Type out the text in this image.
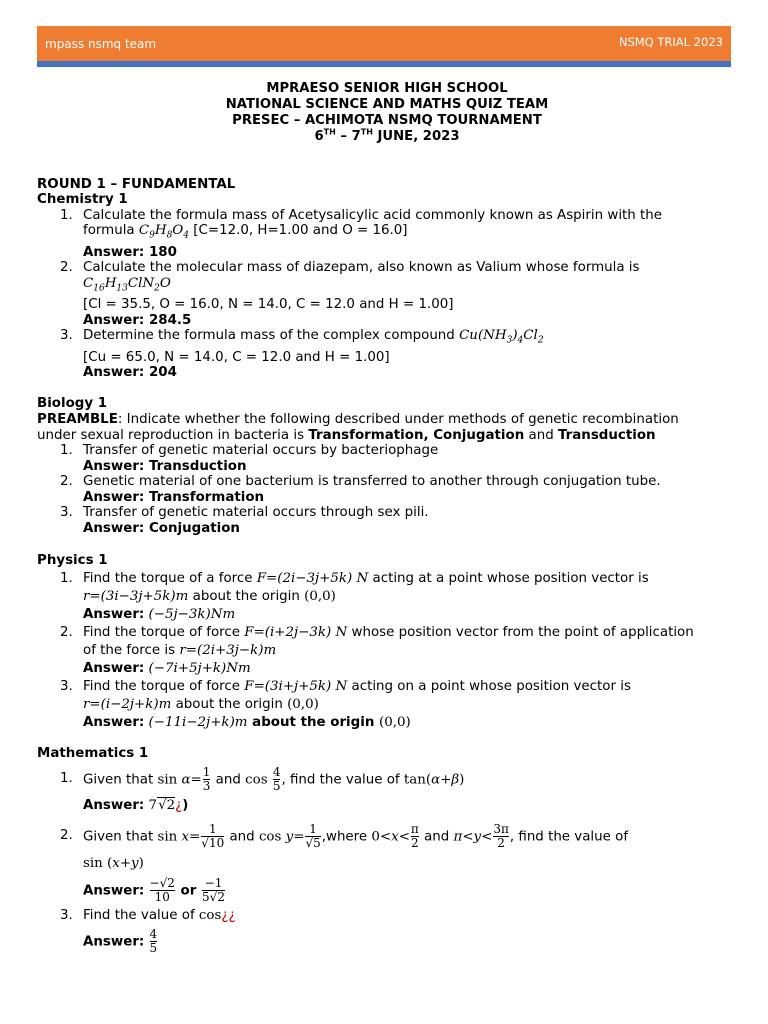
mpass nsmq team	NSMQ TRIAL 2023
MPRAESO SENIOR HIGH SCHOOL
NATIONAL SCIENCE AND MATHS QUIZ TEAM
PRESEC – ACHIMOTA NSMQ TOURNAMENT
6TH – 7TH JUNE, 2023
ROUND 1 – FUNDAMENTAL
Chemistry 1
1. Calculate the formula mass of Acetysalicylic acid commonly known as Aspirin with the
formula $C_9H_8O_4$ [C=12.0, H=1.00 and O = 16.0]
Answer: 180
2. Calculate the molecular mass of diazepam, also known as Valium whose formula is
$C_{16}H_{13}ClN_2O$
[Cl = 35.5, O = 16.0, N = 14.0, C = 12.0 and H = 1.00]
Answer: 284.5
3. Determine the formula mass of the complex compound $Cu(NH_3)_4Cl_2$
[Cu = 65.0, N = 14.0, C = 12.0 and H = 1.00]
Answer: 204
Biology 1
PREAMBLE: Indicate whether the following described under methods of genetic recombination
under sexual reproduction in bacteria is Transformation, Conjugation and Transduction
1. Transfer of genetic material occurs by bacteriophage
Answer: Transduction
2. Genetic material of one bacterium is transferred to another through conjugation tube.
Answer: Transformation
3. Transfer of genetic material occurs through sex pili.
Answer: Conjugation
Physics 1
1. Find the torque of a force F=(2i−3j+5k) N acting at a point whose position vector is
r=(3i−3j+5k)m about the origin (0,0)
Answer: (−5j−3k)Nm
2. Find the torque of force F=(i+2j−3k) N whose position vector from the point of application
of the force is r=(2i+3j−k)m
Answer: (−7i+5j+k)Nm
3. Find the torque of force F=(3i+j+5k) N acting on a point whose position vector is
r=(i−2j+k)m about the origin (0,0)
Answer: (−11i−2j+k)m about the origin (0,0)
Mathematics 1
1. Given that $\sin \alpha= \frac{1}{3}$ and $\cos \frac{4}{5}$ , find the value of tan(α+β)
Answer: 7√2¿)
2. Given that $\sin x= \frac{1}{√10}$ and $\cos y= \frac{1}{√5}$ ,where $0<x< \frac{\pi}{2}$ and $\pi<y< \frac{3\pi}{2}$ , find the value of
sin (x+y)
Answer: $\frac{-√2}{10}$ or $\frac{-1}{5√2}$
3. Find the value of cos¿¿
Answer: $\frac{4}{5}$
